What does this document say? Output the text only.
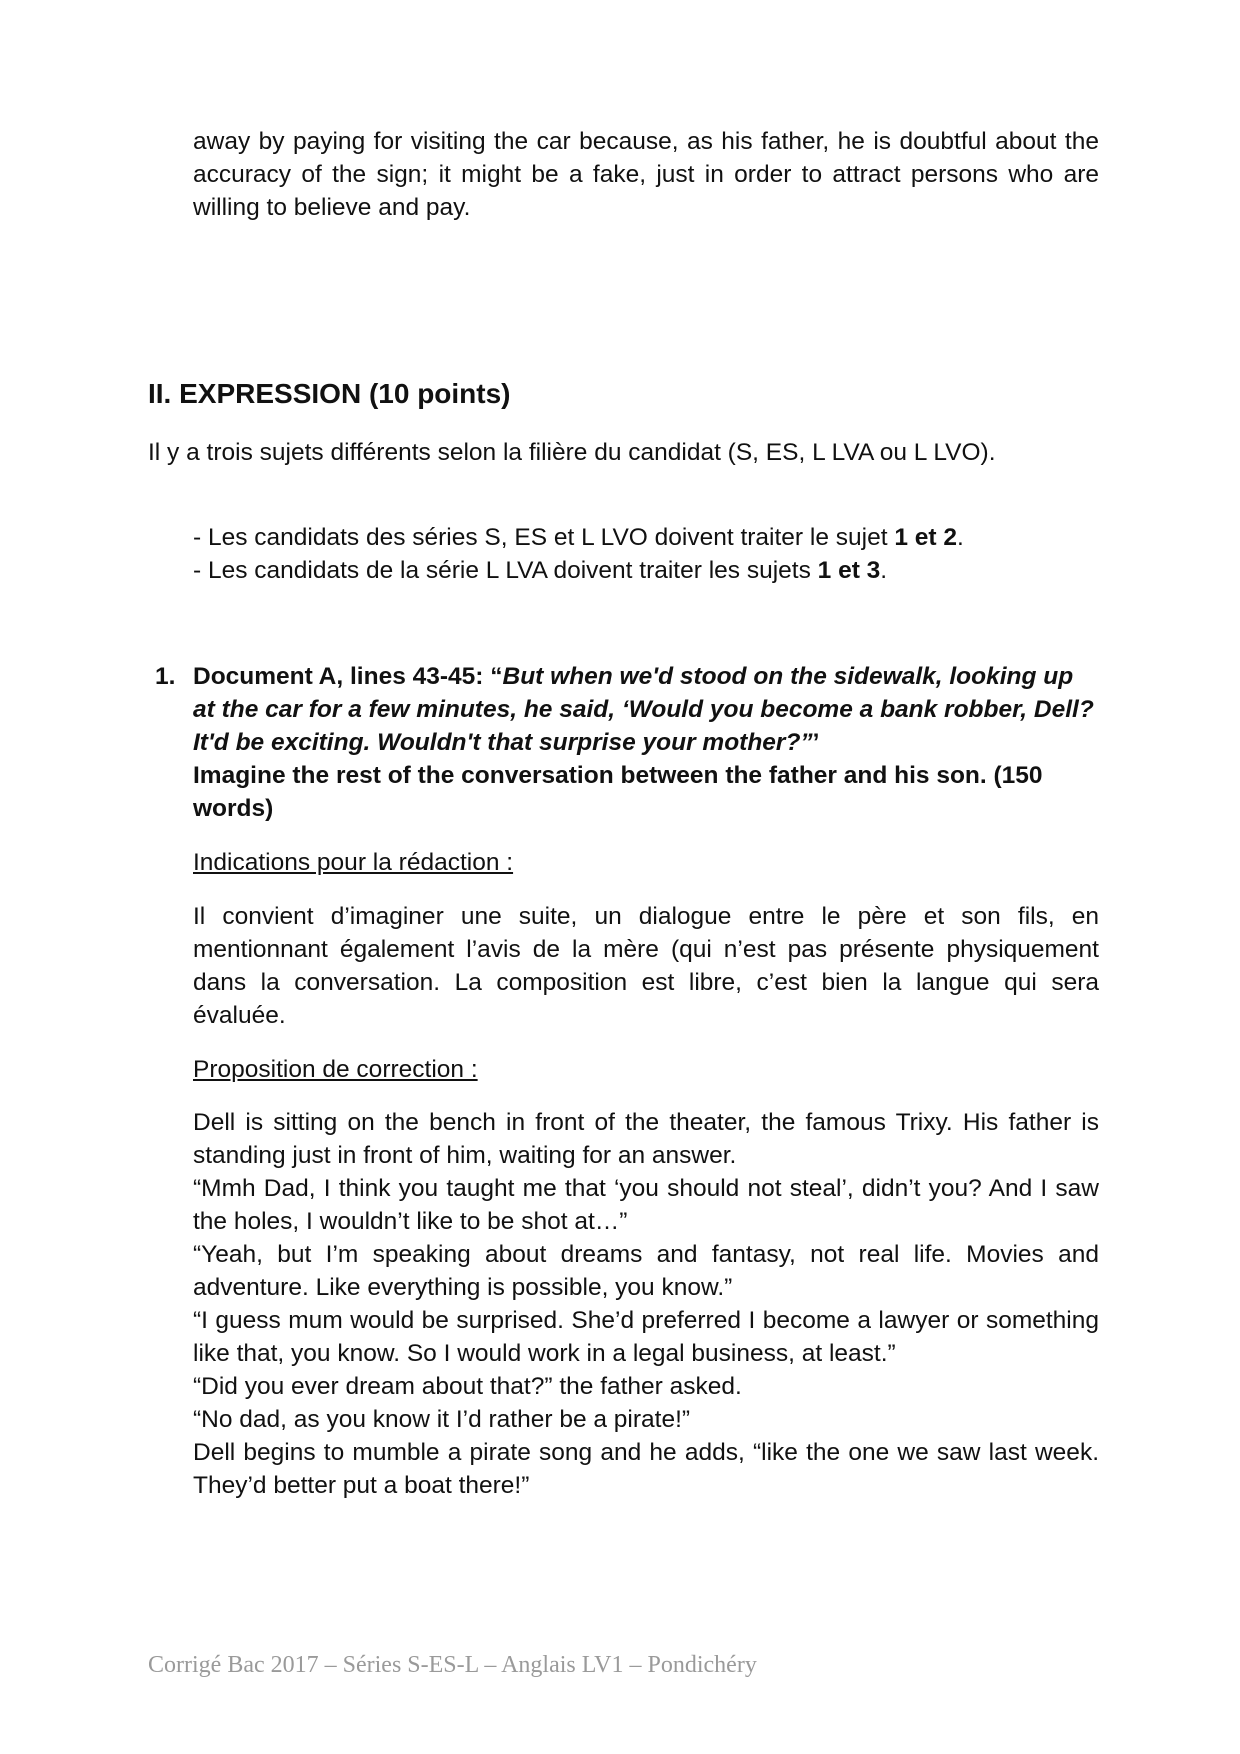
away by paying for visiting the car because, as his father, he is doubtful about the accuracy of the sign; it might be a fake, just in order to attract persons who are willing to believe and pay.

II. EXPRESSION (10 points)

Il y a trois sujets différents selon la filière du candidat (S, ES, L LVA ou L LVO).

- Les candidats des séries S, ES et L LVO doivent traiter le sujet 1 et 2.
- Les candidats de la série L LVA doivent traiter les sujets 1 et 3.
1. Document A, lines 43-45: “But when we'd stood on the sidewalk, looking up at the car for a few minutes, he said, ‘Would you become a bank robber, Dell? It'd be exciting. Wouldn't that surprise your mother?”’
Imagine the rest of the conversation between the father and his son. (150 words)

Indications pour la rédaction :

Il convient d’imaginer une suite, un dialogue entre le père et son fils, en mentionnant également l’avis de la mère (qui n’est pas présente physiquement dans la conversation. La composition est libre, c’est bien la langue qui sera évaluée.

Proposition de correction :

Dell is sitting on the bench in front of the theater, the famous Trixy. His father is standing just in front of him, waiting for an answer.
“Mmh Dad, I think you taught me that ‘you should not steal’, didn’t you? And I saw the holes, I wouldn’t like to be shot at…”
“Yeah, but I’m speaking about dreams and fantasy, not real life. Movies and adventure. Like everything is possible, you know.”
“I guess mum would be surprised. She’d preferred I become a lawyer or something like that, you know. So I would work in a legal business, at least.”
“Did you ever dream about that?” the father asked.
“No dad, as you know it I’d rather be a pirate!”
Dell begins to mumble a pirate song and he adds, “like the one we saw last week. They’d better put a boat there!”

Corrigé Bac 2017 – Séries S-ES-L – Anglais LV1 – Pondichéry
